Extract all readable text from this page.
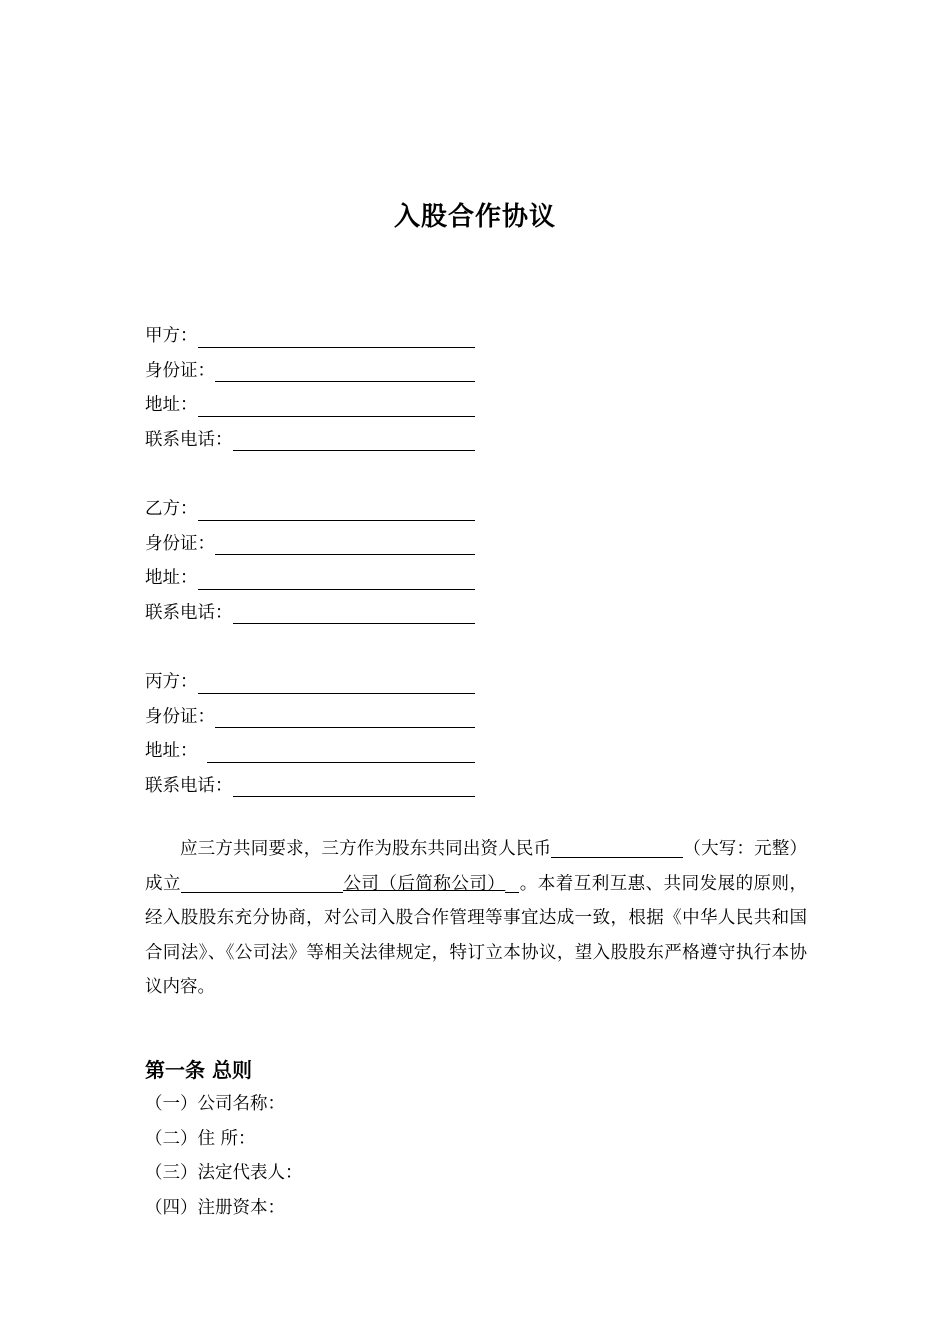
入股合作协议
甲方：
身份证：
地址：
联系电话：
乙方：
身份证：
地址：
联系电话：
丙方：
身份证：
地址：
联系电话：
应三方共同要求，三方作为股东共同出资人民币	（大写：元整）成立	公司（后简称公司） 。本着互利互惠、共同发展的原则，经入股股东充分协商，对公司入股合作管理等事宜达成一致，根据《中华人民共和国合同法》、《公司法》等相关法律规定，特订立本协议，望入股股东严格遵守执行本协议内容。
第一条 总则
（一）公司名称：
（二）住 所：
（三）法定代表人：
（四）注册资本：
